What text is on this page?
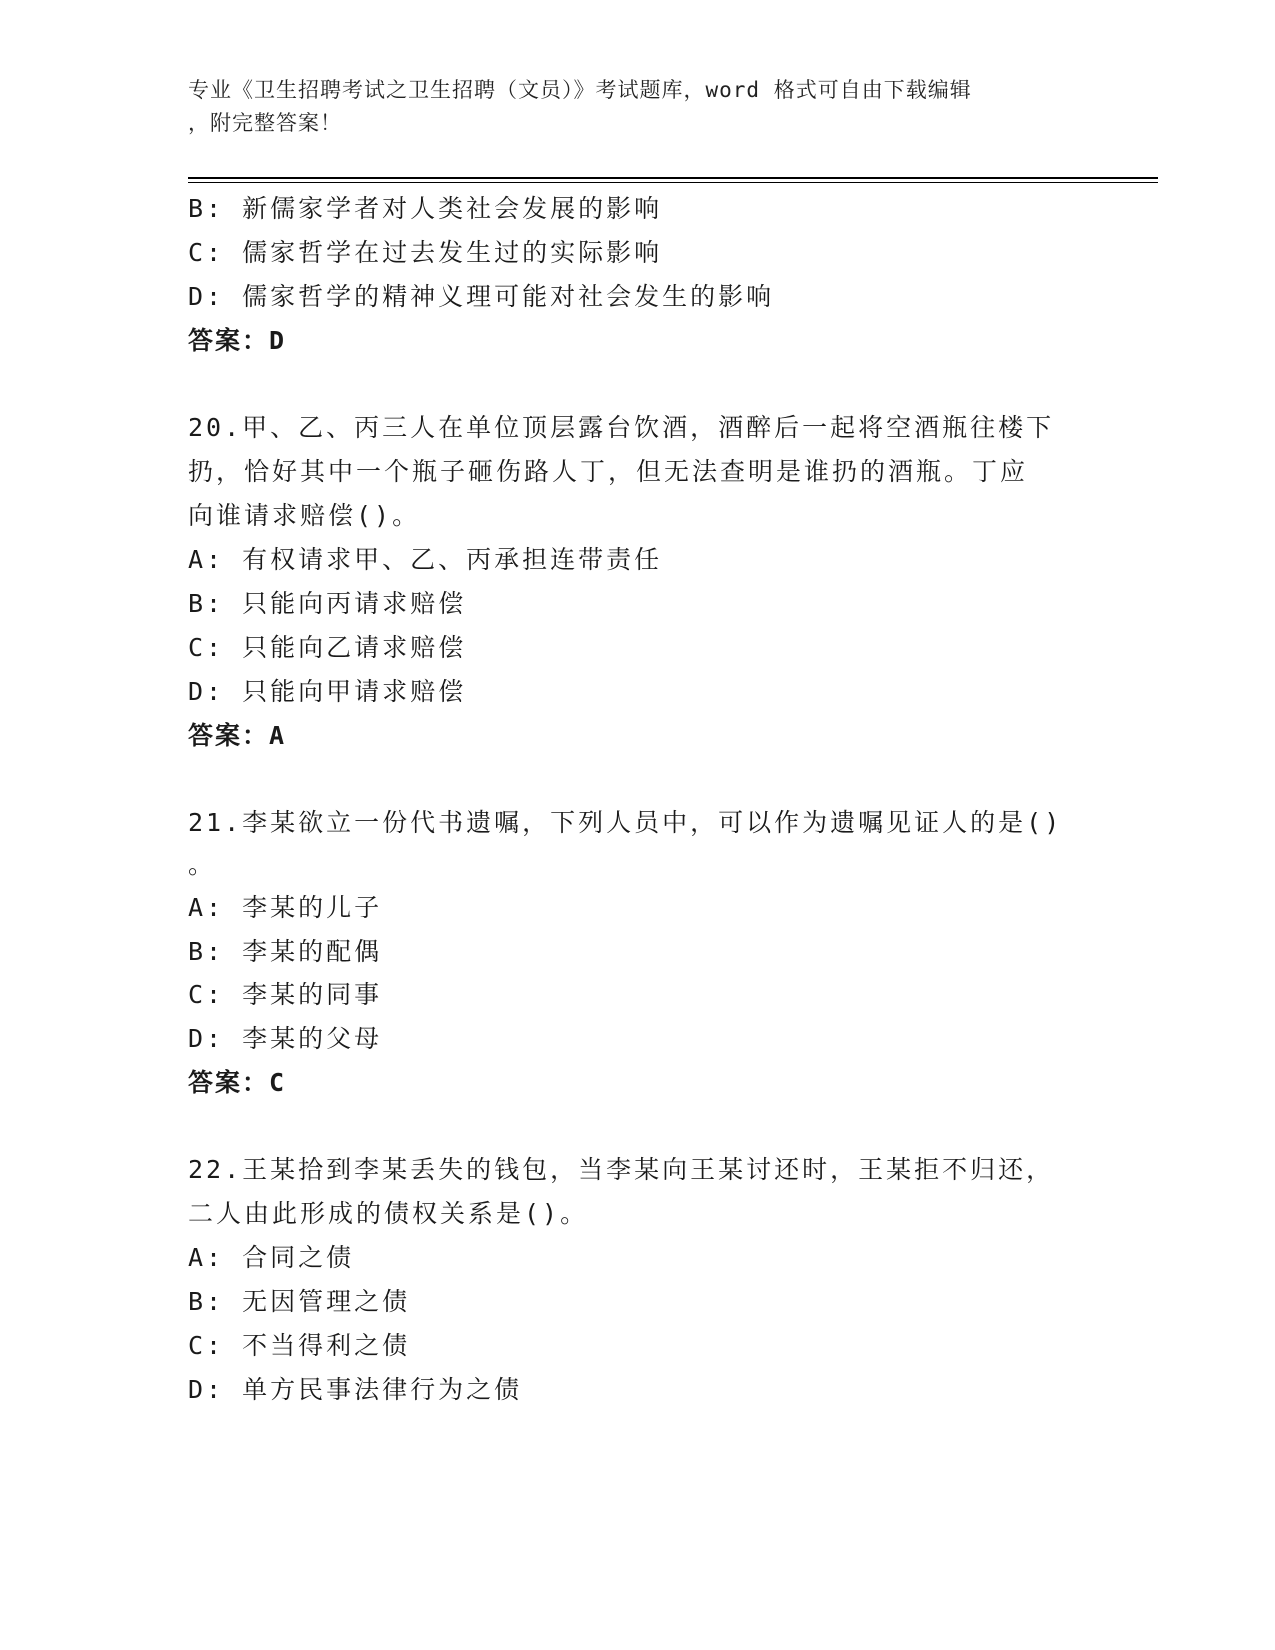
专业《卫生招聘考试之卫生招聘（文员）》考试题库，word 格式可自由下载编辑
，附完整答案！
B: 新儒家学者对人类社会发展的影响
C: 儒家哲学在过去发生过的实际影响
D: 儒家哲学的精神义理可能对社会发生的影响
答案：D
20.甲、乙、丙三人在单位顶层露台饮酒，酒醉后一起将空酒瓶往楼下
扔，恰好其中一个瓶子砸伤路人丁，但无法查明是谁扔的酒瓶。丁应
向谁请求赔偿()。
A: 有权请求甲、乙、丙承担连带责任
B: 只能向丙请求赔偿
C: 只能向乙请求赔偿
D: 只能向甲请求赔偿
答案：A
21.李某欲立一份代书遗嘱，下列人员中，可以作为遗嘱见证人的是()
。
A: 李某的儿子
B: 李某的配偶
C: 李某的同事
D: 李某的父母
答案：C
22.王某拾到李某丢失的钱包，当李某向王某讨还时，王某拒不归还，
二人由此形成的债权关系是()。
A: 合同之债
B: 无因管理之债
C: 不当得利之债
D: 单方民事法律行为之债
